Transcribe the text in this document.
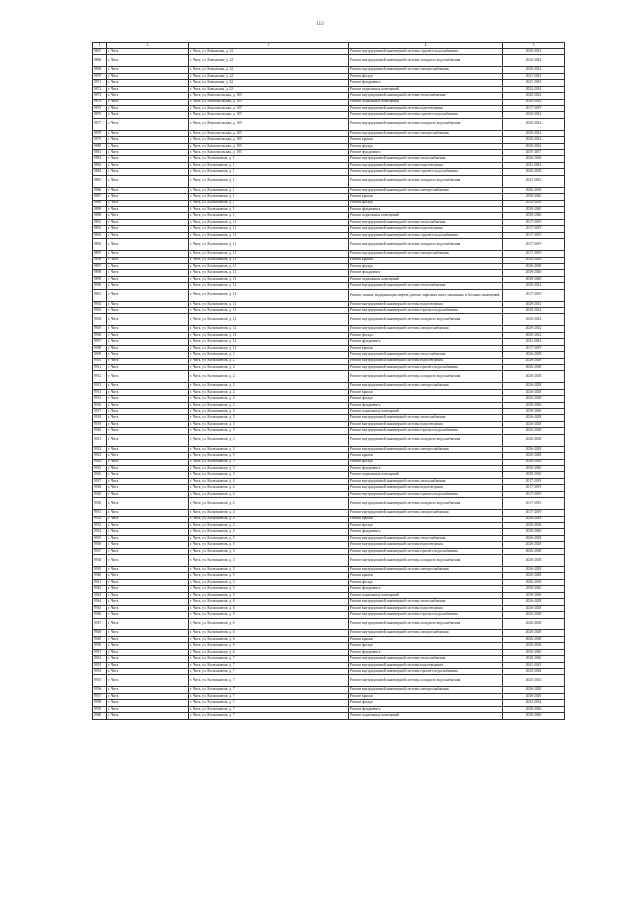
113
1	2	3	4	5
9867	г. Чита	г. Чита, ул. Ковыльная, д. 22	Ремонт внутридомовой инженерной системы горячего водоснабжения	2020-2022
9868	г. Чита	г. Чита, ул. Ковыльная, д. 22	Ремонт внутридомовой инженерной системы холодного водоснабжения	2020-2022
9869	г. Чита	г. Чита, ул. Ковыльная, д. 22	Ремонт внутридомовой инженерной системы электроснабжения	2020-2022
9870	г. Чита	г. Чита, ул. Ковыльная, д. 22	Ремонт фасада	2021-2022
9871	г. Чита	г. Чита, ул. Ковыльная, д. 22	Ремонт фундамента	2041-2043
9872	г. Чита	г. Чита, ул. Ковыльная, д. 22	Ремонт подвальных помещений	2032-2034
9873	г. Чита	г. Чита, ул. Комсомольская, д. 105	Ремонт внутридомовой инженерной системы теплоснабжения	2020-2022
9874	г. Чита	г. Чита, ул. Комсомольская, д. 105	Ремонт подвальных помещений	2020-2022
9875	г. Чита	г. Чита, ул. Комсомольская, д. 105	Ремонт внутридомовой инженерной системы водоотведения	2017-2019
9876	г. Чита	г. Чита, ул. Комсомольская, д. 105	Ремонт внутридомовой инженерной системы горячего водоснабжения	2020-2022
9877	г. Чита	г. Чита, ул. Комсомольская, д. 105	Ремонт внутридомовой инженерной системы холодного водоснабжения	2020-2022
9878	г. Чита	г. Чита, ул. Комсомольская, д. 105	Ремонт внутридомовой инженерной системы электроснабжения	2020-2022
9879	г. Чита	г. Чита, ул. Комсомольская, д. 105	Ремонт крыши	2020-2022
9880	г. Чита	г. Чита, ул. Комсомольская, д. 105	Ремонт фасада	2020-2022
9881	г. Чита	г. Чита, ул. Комсомольская, д. 105	Ремонт фундамента	2035-2037
9882	г. Чита	г. Чита, ул. Космонавтов, д. 1	Ремонт внутридомовой инженерной системы теплоснабжения	2026-2028
9883	г. Чита	г. Чита, ул. Космонавтов, д. 1	Ремонт внутридомовой инженерной системы водоотведения	2041-2043
9884	г. Чита	г. Чита, ул. Космонавтов, д. 1	Ремонт внутридомовой инженерной системы горячего водоснабжения	2026-2028
9885	г. Чита	г. Чита, ул. Космонавтов, д. 1	Ремонт внутридомовой инженерной системы холодного водоснабжения	2023-2025
9886	г. Чита	г. Чита, ул. Космонавтов, д. 1	Ремонт внутридомовой инженерной системы электроснабжения	2026-2028
9887	г. Чита	г. Чита, ул. Космонавтов, д. 1	Ремонт крыши	2038-2040
9888	г. Чита	г. Чита, ул. Космонавтов, д. 1	Ремонт фасада	2032-2034
9889	г. Чита	г. Чита, ул. Космонавтов, д. 1	Ремонт фундамента	2038-2040
9890	г. Чита	г. Чита, ул. Космонавтов, д. 1	Ремонт подвальных помещений	2038-2040
9891	г. Чита	г. Чита, ул. Космонавтов, д. 11	Ремонт внутридомовой инженерной системы теплоснабжения	2017-2019
9892	г. Чита	г. Чита, ул. Космонавтов, д. 11	Ремонт внутридомовой инженерной системы водоотведения	2017-2019
9893	г. Чита	г. Чита, ул. Космонавтов, д. 11	Ремонт внутридомовой инженерной системы горячего водоснабжения	2017-2019
9894	г. Чита	г. Чита, ул. Космонавтов, д. 11	Ремонт внутридомовой инженерной системы холодного водоснабжения	2017-2019
9895	г. Чита	г. Чита, ул. Космонавтов, д. 11	Ремонт внутридомовой инженерной системы электроснабжения	2017-2019
9896	г. Чита	г. Чита, ул. Космонавтов, д. 11	Ремонт крыши	2026-2028
9897	г. Чита	г. Чита, ул. Космонавтов, д. 11	Ремонт фасада	2026-2028
9898	г. Чита	г. Чита, ул. Космонавтов, д. 11	Ремонт фундамента	2038-2040
9899	г. Чита	г. Чита, ул. Космонавтов, д. 11	Ремонт подвальных помещений	2038-2040
9900	г. Чита	г. Чита, ул. Космонавтов, д. 12	Ремонт внутридомовой инженерной системы теплоснабжения	2020-2022
9901	г. Чита	г. Чита, ул. Космонавтов, д. 12	Ремонт, замена, модернизация лифтов, ремонт лифтовых шахт, машинных и блочных помещений	2017-2019
9902	г. Чита	г. Чита, ул. Космонавтов, д. 12	Ремонт внутридомовой инженерной системы водоотведения	2029-2031
9903	г. Чита	г. Чита, ул. Космонавтов, д. 12	Ремонт внутридомовой инженерной системы горячего водоснабжения	2020-2022
9904	г. Чита	г. Чита, ул. Космонавтов, д. 12	Ремонт внутридомовой инженерной системы холодного водоснабжения	2020-2022
9905	г. Чита	г. Чита, ул. Космонавтов, д. 12	Ремонт внутридомовой инженерной системы электроснабжения	2020-2022
9906	г. Чита	г. Чита, ул. Космонавтов, д. 12	Ремонт фасада	2020-2022
9907	г. Чита	г. Чита, ул. Космонавтов, д. 12	Ремонт фундамента	2041-2043
9908	г. Чита	г. Чита, ул. Космонавтов, д. 12	Ремонт крыши	2017-2019
9909	г. Чита	г. Чита, ул. Космонавтов, д. 2	Ремонт внутридомовой инженерной системы теплоснабжения	2026-2028
9910	г. Чита	г. Чита, ул. Космонавтов, д. 2	Ремонт внутридомовой инженерной системы водоотведения	2026-2028
9911	г. Чита	г. Чита, ул. Космонавтов, д. 2	Ремонт внутридомовой инженерной системы горячего водоснабжения	2026-2028
9912	г. Чита	г. Чита, ул. Космонавтов, д. 2	Ремонт внутридомовой инженерной системы холодного водоснабжения	2026-2028
9913	г. Чита	г. Чита, ул. Космонавтов, д. 2	Ремонт внутридомовой инженерной системы электроснабжения	2026-2028
9914	г. Чита	г. Чита, ул. Космонавтов, д. 2	Ремонт крыши	2026-2028
9915	г. Чита	г. Чита, ул. Космонавтов, д. 2	Ремонт фасада	2026-2028
9916	г. Чита	г. Чита, ул. Космонавтов, д. 2	Ремонт фундамента	2038-2040
9917	г. Чита	г. Чита, ул. Космонавтов, д. 2	Ремонт подвальных помещений	2038-2040
9918	г. Чита	г. Чита, ул. Космонавтов, д. 3	Ремонт внутридомовой инженерной системы теплоснабжения	2026-2028
9919	г. Чита	г. Чита, ул. Космонавтов, д. 3	Ремонт внутридомовой инженерной системы водоотведения	2026-2028
9920	г. Чита	г. Чита, ул. Космонавтов, д. 3	Ремонт внутридомовой инженерной системы горячего водоснабжения	2026-2028
9921	г. Чита	г. Чита, ул. Космонавтов, д. 3	Ремонт внутридомовой инженерной системы холодного водоснабжения	2026-2028
9922	г. Чита	г. Чита, ул. Космонавтов, д. 3	Ремонт внутридомовой инженерной системы электроснабжения	2026-2028
9923	г. Чита	г. Чита, ул. Космонавтов, д. 3	Ремонт крыши	2026-2028
9924	г. Чита	г. Чита, ул. Космонавтов, д. 3	Ремонт фасада	2026-2028
9925	г. Чита	г. Чита, ул. Космонавтов, д. 3	Ремонт фундамента	2038-2040
9926	г. Чита	г. Чита, ул. Космонавтов, д. 3	Ремонт подвальных помещений	2038-2040
9927	г. Чита	г. Чита, ул. Космонавтов, д. 4	Ремонт внутридомовой инженерной системы теплоснабжения	2017-2019
9928	г. Чита	г. Чита, ул. Космонавтов, д. 4	Ремонт внутридомовой инженерной системы водоотведения	2017-2019
9929	г. Чита	г. Чита, ул. Космонавтов, д. 4	Ремонт внутридомовой инженерной системы горячего водоснабжения	2017-2019
9930	г. Чита	г. Чита, ул. Космонавтов, д. 4	Ремонт внутридомовой инженерной системы холодного водоснабжения	2017-2019
9931	г. Чита	г. Чита, ул. Космонавтов, д. 4	Ремонт внутридомовой инженерной системы электроснабжения	2017-2019
9932	г. Чита	г. Чита, ул. Космонавтов, д. 4	Ремонт крыши	2026-2028
9933	г. Чита	г. Чита, ул. Космонавтов, д. 4	Ремонт фасада	2026-2028
9934	г. Чита	г. Чита, ул. Космонавтов, д. 4	Ремонт фундамента	2038-2040
9935	г. Чита	г. Чита, ул. Космонавтов, д. 5	Ремонт внутридомовой инженерной системы теплоснабжения	2026-2028
9936	г. Чита	г. Чита, ул. Космонавтов, д. 5	Ремонт внутридомовой инженерной системы водоотведения	2026-2028
9937	г. Чита	г. Чита, ул. Космонавтов, д. 5	Ремонт внутридомовой инженерной системы горячего водоснабжения	2026-2028
9938	г. Чита	г. Чита, ул. Космонавтов, д. 5	Ремонт внутридомовой инженерной системы холодного водоснабжения	2026-2028
9939	г. Чита	г. Чита, ул. Космонавтов, д. 5	Ремонт внутридомовой инженерной системы электроснабжения	2026-2028
9940	г. Чита	г. Чита, ул. Космонавтов, д. 5	Ремонт крыши	2026-2028
9941	г. Чита	г. Чита, ул. Космонавтов, д. 5	Ремонт фасада	2026-2028
9942	г. Чита	г. Чита, ул. Космонавтов, д. 5	Ремонт фундамента	2038-2040
9943	г. Чита	г. Чита, ул. Космонавтов, д. 5	Ремонт подвальных помещений	2038-2040
9944	г. Чита	г. Чита, ул. Космонавтов, д. 6	Ремонт внутридомовой инженерной системы теплоснабжения	2026-2028
9945	г. Чита	г. Чита, ул. Космонавтов, д. 6	Ремонт внутридомовой инженерной системы водоотведения	2026-2028
9946	г. Чита	г. Чита, ул. Космонавтов, д. 6	Ремонт внутридомовой инженерной системы горячего водоснабжения	2026-2028
9947	г. Чита	г. Чита, ул. Космонавтов, д. 6	Ремонт внутридомовой инженерной системы холодного водоснабжения	2026-2028
9948	г. Чита	г. Чита, ул. Космонавтов, д. 6	Ремонт внутридомовой инженерной системы электроснабжения	2026-2028
9949	г. Чита	г. Чита, ул. Космонавтов, д. 6	Ремонт крыши	2026-2028
9950	г. Чита	г. Чита, ул. Космонавтов, д. 6	Ремонт фасада	2026-2028
9951	г. Чита	г. Чита, ул. Космонавтов, д. 6	Ремонт фундамента	2038-2040
9952	г. Чита	г. Чита, ул. Космонавтов, д. 7	Ремонт внутридомовой инженерной системы теплоснабжения	2038-2040
9953	г. Чита	г. Чита, ул. Космонавтов, д. 7	Ремонт внутридомовой инженерной системы водоотведения	2041-2043
9954	г. Чита	г. Чита, ул. Космонавтов, д. 7	Ремонт внутридомовой инженерной системы горячего водоснабжения	2020-2028
9955	г. Чита	г. Чита, ул. Космонавтов, д. 7	Ремонт внутридомовой инженерной системы холодного водоснабжения	2023-2025
9956	г. Чита	г. Чита, ул. Космонавтов, д. 7	Ремонт внутридомовой инженерной системы электроснабжения	2026-2028
9957	г. Чита	г. Чита, ул. Космонавтов, д. 7	Ремонт крыши	2038-2040
9958	г. Чита	г. Чита, ул. Космонавтов, д. 7	Ремонт фасада	2032-2034
9959	г. Чита	г. Чита, ул. Космонавтов, д. 7	Ремонт фундамента	2038-2040
9960	г. Чита	г. Чита, ул. Космонавтов, д. 7	Ремонт подвальных помещений	2038-2040
